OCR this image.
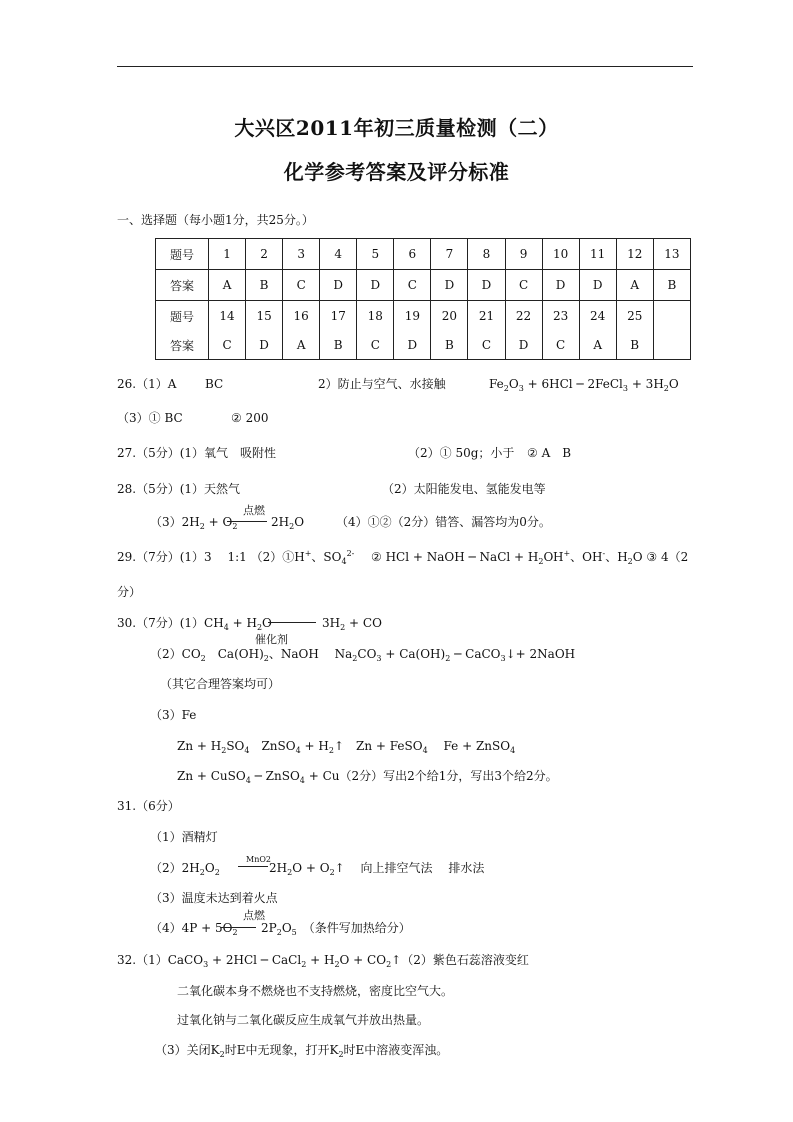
大兴区2011年初三质量检测（二）
化学参考答案及评分标准
一、选择题（每小题1分，共25分。）
题号	1	2	3	4	5	6	7	8	9	10	11	12	13
答案	A	B	C	D	D	C	D	D	C	D	D	A	B
题号	14	15	16	17	18	19	20	21	22	23	24	25	
答案	C	D	A	B	C	D	B	C	D	C	A	B	
26.（1）A BC	2）防止与空气、水接触	$Fe_2O_3 + 6HCl$ ─ 2FeCl$_3$ + $3H_2O$
（3）① BC	② 200
27.（5分）(1）氧气　吸附性	（2）① 50g；小于 ② A　B
28.（5分）(1）天然气	（2）太阳能发电、氢能发电等
点燃
$(3)2H_2 + O_2$	$2H_2O$	（4）①②（2分）错答、漏答均为0分。
29.（7分）(1）3　 1:1 （2）①H+、$SO_4^{2-}$ ② HCl + NaOH ─ NaCl + $H_2O$ H+、OH-、$H_2O$ ③ 4（2
分）
30.（7分）$(1)CH_4 + H_2O$	$3H_2$ + CO
催化剂
$(2)CO_2$　$Ca(OH)_2$、NaOH　 $Na_2CO_3 + Ca(OH)_2$ ─ CaCO$_3$↓+ 2NaOH
（其它合理答案均可）
（3）Fe
$Zn + H_2SO_4$　ZnSO$_4$ + $H_2↑$　Zn + FeSO$_4$　 Fe + ZnSO$_4$
Zn + CuSO$_4$ ─ ZnSO$_4$ + Cu（2分）写出2个给1分，写出3个给2分。
31.（6分）
（1）酒精灯
MnO2
$(2)2H_2O_2$	$2H_2O$ + $O_2↑$　 向上排空气法　 排水法
（3）温度未达到着火点
点燃
$(4)4P + 5O_2$ $2P_2O_5$　（条件写加热给分）
32.（1）CaCO$_3$ + 2HCl ─ CaCl$_2$ + $H_2O$ + $CO_2↑(2)$紫色石蕊溶液变红
二氧化碳本身不燃烧也不支持燃烧，密度比空气大。
过氧化钠与二氧化碳反应生成氧气并放出热量。
（3）关闭$K_2$时E中无现象，打开$K_2$时E中溶液变浑浊。
